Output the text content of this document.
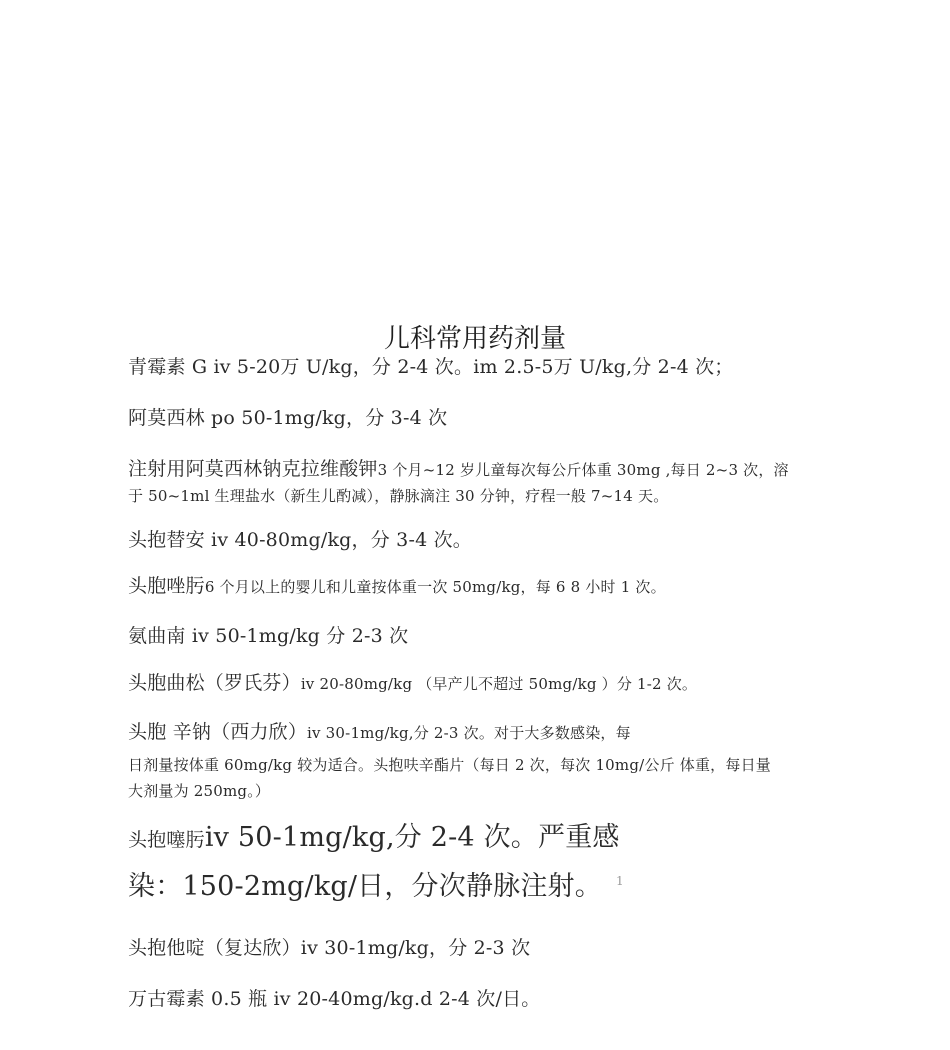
儿科常用药剂量
青霉素 G iv 5-20万 U/kg，分 2-4 次。im 2.5-5万 U/kg,分 2-4 次；
阿莫西林 po 50-1mg/kg，分 3-4 次
注射用阿莫西林钠克拉维酸钾3 个月~12 岁儿童每次每公斤体重 30mg ,每日 2~3 次，溶
于 50~1ml 生理盐水（新生儿酌减），静脉滴注 30 分钟，疗程一般 7~14 天。
头抱替安 iv 40-80mg/kg，分 3-4 次。
头胞唑肟6 个月以上的婴儿和儿童按体重一次 50mg/kg，每 6 8 小时 1 次。
氨曲南 iv 50-1mg/kg 分 2-3 次
头胞曲松（罗氏芬）iv 20-80mg/kg （早产儿不超过 50mg/kg ）分 1-2 次。
头胞 辛钠（西力欣）iv 30-1mg/kg,分 2-3 次。对于大多数感染，每
日剂量按体重 60mg/kg 较为适合。头抱呋辛酯片（每日 2 次，每次 10mg/公斤 体重，每日量
大剂量为 250mg。）
头抱噻肟iv 50-1mg/kg,分 2-4 次。严重感
染：150-2mg/kg/日，分次静脉注射。 $^1$
头抱他啶（复达欣）iv 30-1mg/kg，分 2-3 次
万古霉素 0.5 瓶 iv 20-40mg/kg.d 2-4 次/日。
